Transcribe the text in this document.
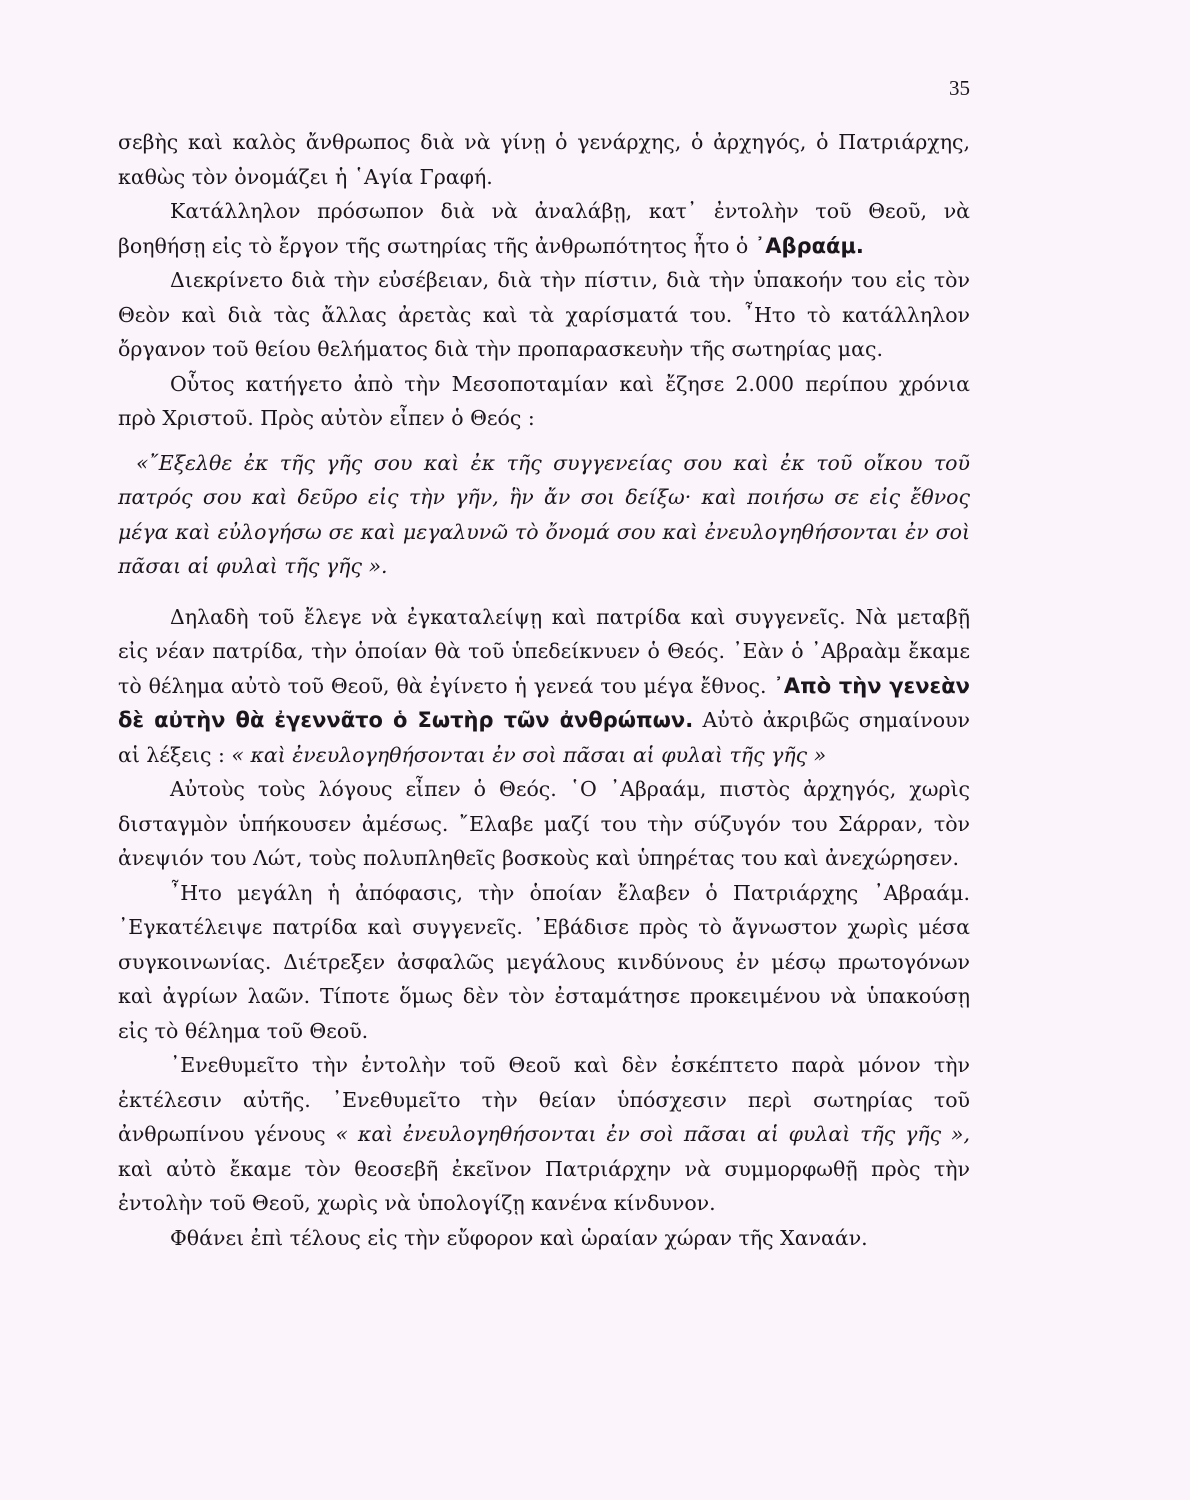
35

σεβὴς καὶ καλὸς ἄνθρωπος διὰ νὰ γίνῃ ὁ γενάρχης, ὁ ἀρχηγός, ὁ Πατριάρχης, καθὼς τὸν ὀνομάζει ἡ ῾Αγία Γραφή.

Κατάλληλον πρόσωπον διὰ νὰ ἀναλάβῃ, κατ᾽ ἐντολὴν τοῦ Θεοῦ, νὰ βοηθήσῃ εἰς τὸ ἔργον τῆς σωτηρίας τῆς ἀνθρωπότητος ἦτο ὁ ᾽Αβραάμ.

Διεκρίνετο διὰ τὴν εὐσέβειαν, διὰ τὴν πίστιν, διὰ τὴν ὑπακοήν του εἰς τὸν Θεὸν καὶ διὰ τὰς ἄλλας ἀρετὰς καὶ τὰ χαρίσματά του. ῏Ητο τὸ κατάλληλον ὄργανον τοῦ θείου θελήματος διὰ τὴν προπαρασκευὴν τῆς σωτηρίας μας.

Οὗτος κατήγετο ἀπὸ τὴν Μεσοποταμίαν καὶ ἔζησε 2.000 περίπου χρόνια πρὸ Χριστοῦ. Πρὸς αὐτὸν εἶπεν ὁ Θεός :

«῎Εξελθε ἐκ τῆς γῆς σου καὶ ἐκ τῆς συγγενείας σου καὶ ἐκ τοῦ οἴκου τοῦ πατρός σου καὶ δεῦρο εἰς τὴν γῆν, ἣν ἄν σοι δείξω· καὶ ποιήσω σε εἰς ἔθνος μέγα καὶ εὐλογήσω σε καὶ μεγαλυνῶ τὸ ὄνομά σου καὶ ἐνευλογηθήσονται ἐν σοὶ πᾶσαι αἱ φυλαὶ τῆς γῆς ».

Δηλαδὴ τοῦ ἔλεγε νὰ ἐγκαταλείψῃ καὶ πατρίδα καὶ συγγενεῖς. Νὰ μεταβῇ εἰς νέαν πατρίδα, τὴν ὁποίαν θὰ τοῦ ὑπεδείκνυεν ὁ Θεός. ᾽Εὰν ὁ ᾽Αβραὰμ ἔκαμε τὸ θέλημα αὐτὸ τοῦ Θεοῦ, θὰ ἐγίνετο ἡ γενεά του μέγα ἔθνος. ᾽Απὸ τὴν γενεὰν δὲ αὐτὴν θὰ ἐγεννᾶτο ὁ Σωτὴρ τῶν ἀνθρώπων. Αὐτὸ ἀκριβῶς σημαίνουν αἱ λέξεις : « καὶ ἐνευλογηθήσονται ἐν σοὶ πᾶσαι αἱ φυλαὶ τῆς γῆς »

Αὐτοὺς τοὺς λόγους εἶπεν ὁ Θεός. ῾Ο ᾽Αβραάμ, πιστὸς ἀρχηγός, χωρὶς δισταγμὸν ὑπήκουσεν ἀμέσως. ῎Ελαβε μαζί του τὴν σύζυγόν του Σάρραν, τὸν ἀνεψιόν του Λώτ, τοὺς πολυπληθεῖς βοσκοὺς καὶ ὑπηρέτας του καὶ ἀνεχώρησεν.

῏Ητο μεγάλη ἡ ἀπόφασις, τὴν ὁποίαν ἔλαβεν ὁ Πατριάρχης ᾽Αβραάμ. ᾽Εγκατέλειψε πατρίδα καὶ συγγενεῖς. ᾽Εβάδισε πρὸς τὸ ἄγνωστον χωρὶς μέσα συγκοινωνίας. Διέτρεξεν ἀσφαλῶς μεγάλους κινδύνους ἐν μέσῳ πρωτογόνων καὶ ἀγρίων λαῶν. Τίποτε ὅμως δὲν τὸν ἐσταμάτησε προκειμένου νὰ ὑπακούσῃ εἰς τὸ θέλημα τοῦ Θεοῦ.

᾽Ενεθυμεῖτο τὴν ἐντολὴν τοῦ Θεοῦ καὶ δὲν ἐσκέπτετο παρὰ μόνον τὴν ἐκτέλεσιν αὐτῆς. ᾽Ενεθυμεῖτο τὴν θείαν ὑπόσχεσιν περὶ σωτηρίας τοῦ ἀνθρωπίνου γένους « καὶ ἐνευλογηθήσονται ἐν σοὶ πᾶσαι αἱ φυλαὶ τῆς γῆς », καὶ αὐτὸ ἔκαμε τὸν θεοσεβῆ ἐκεῖνον Πατριάρχην νὰ συμμορφωθῇ πρὸς τὴν ἐντολὴν τοῦ Θεοῦ, χωρὶς νὰ ὑπολογίζῃ κανένα κίνδυνον.

Φθάνει ἐπὶ τέλους εἰς τὴν εὔφορον καὶ ὡραίαν χώραν τῆς Χαναάν.
